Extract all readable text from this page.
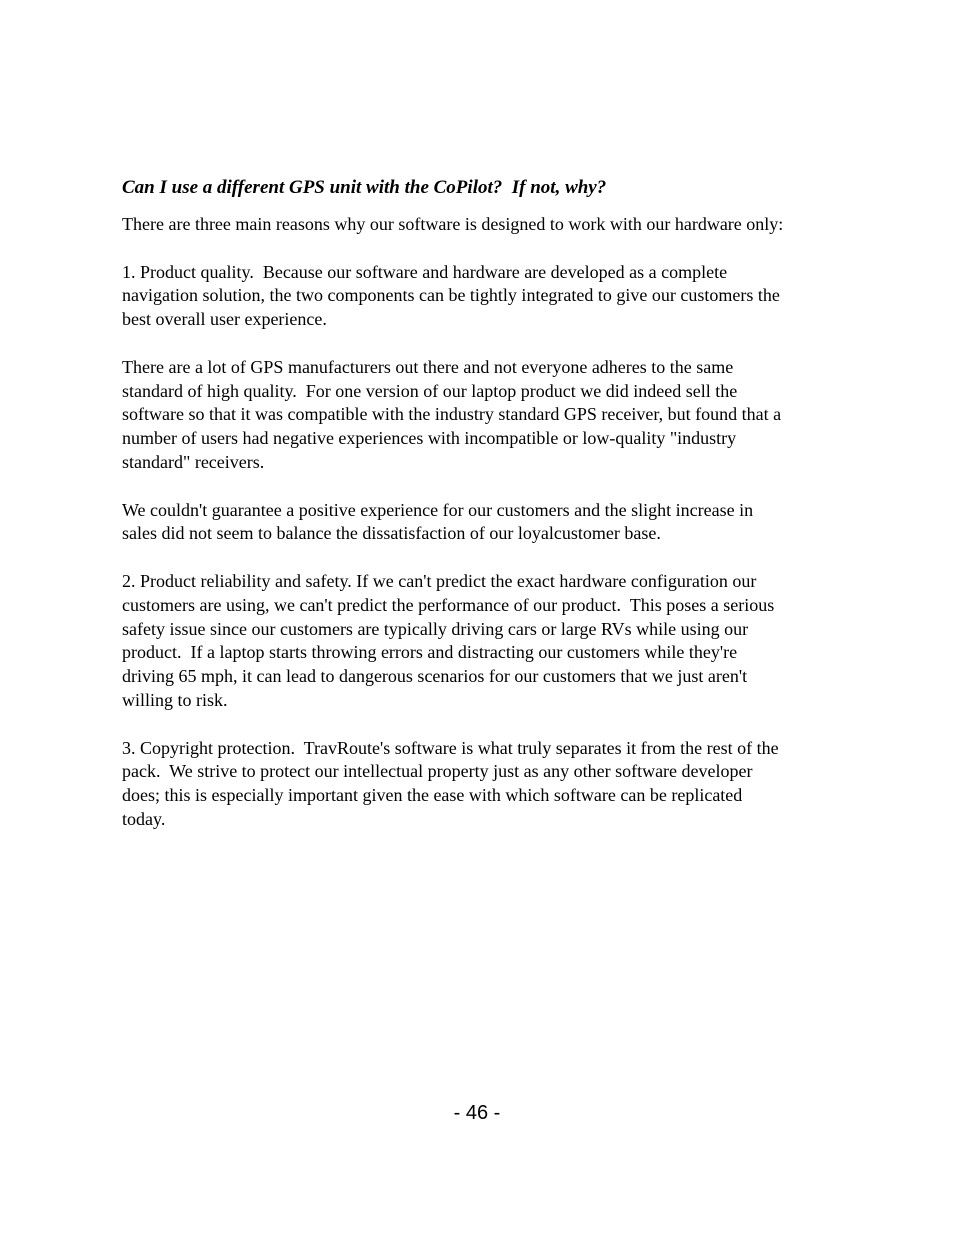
Can I use a different GPS unit with the CoPilot?  If not, why?

There are three main reasons why our software is designed to work with our hardware only:

1. Product quality.  Because our software and hardware are developed as a complete
navigation solution, the two components can be tightly integrated to give our customers the
best overall user experience.

There are a lot of GPS manufacturers out there and not everyone adheres to the same
standard of high quality.  For one version of our laptop product we did indeed sell the
software so that it was compatible with the industry standard GPS receiver, but found that a
number of users had negative experiences with incompatible or low-quality "industry
standard" receivers.

We couldn't guarantee a positive experience for our customers and the slight increase in
sales did not seem to balance the dissatisfaction of our loyalcustomer base.

2. Product reliability and safety. If we can't predict the exact hardware configuration our
customers are using, we can't predict the performance of our product.  This poses a serious
safety issue since our customers are typically driving cars or large RVs while using our
product.  If a laptop starts throwing errors and distracting our customers while they're
driving 65 mph, it can lead to dangerous scenarios for our customers that we just aren't
willing to risk.

3. Copyright protection.  TravRoute's software is what truly separates it from the rest of the
pack.  We strive to protect our intellectual property just as any other software developer
does; this is especially important given the ease with which software can be replicated
today.

- 46 -
